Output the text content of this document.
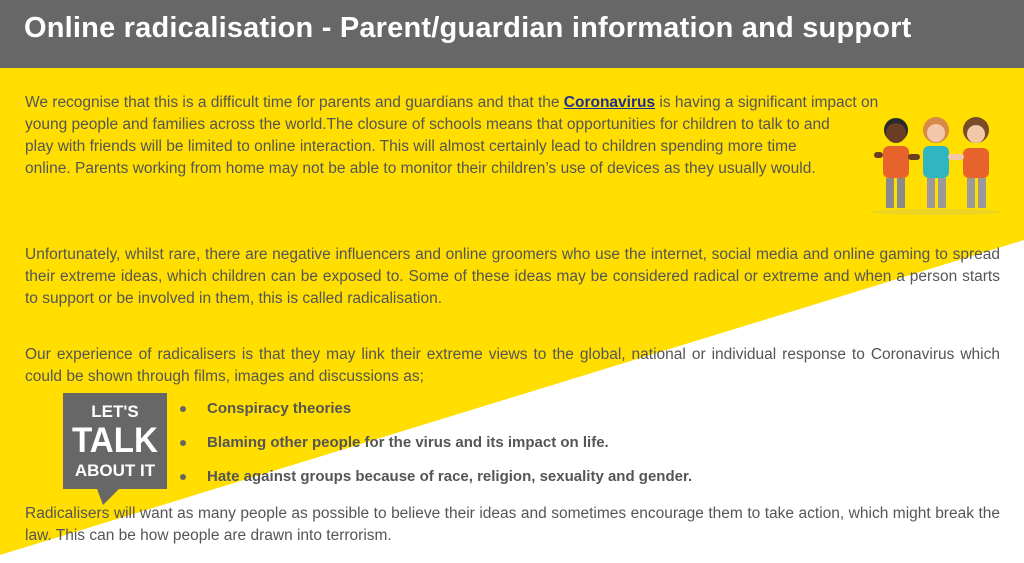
Online radicalisation - Parent/guardian information and support

We recognise that this is a difficult time for parents and guardians and that the Coronavirus is having a significant impact on
young people and families across the world.The closure of schools means that opportunities for children to talk to and play with friends will be limited to online interaction. This will almost certainly lead to children spending more time online. Parents working from home may not be able to monitor their children’s use of devices as they usually would.

Unfortunately, whilst rare, there are negative influencers and online groomers who use the internet, social media and online gaming to spread their extreme ideas, which children can be exposed to. Some of these ideas may be considered radical or extreme and when a person starts to support or be involved in them, this is called radicalisation.

Our experience of radicalisers is that they may link their extreme views to the global, national or individual response to Coronavirus which could be shown through films, images and discussions as;

LET'S
TALK
ABOUT IT
Conspiracy theories
Blaming other people for the virus and its impact on life.
Hate against groups because of race, religion, sexuality and gender.

Radicalisers will want as many people as possible to believe their ideas and sometimes encourage them to take action, which might break the law. This can be how people are drawn into terrorism.
